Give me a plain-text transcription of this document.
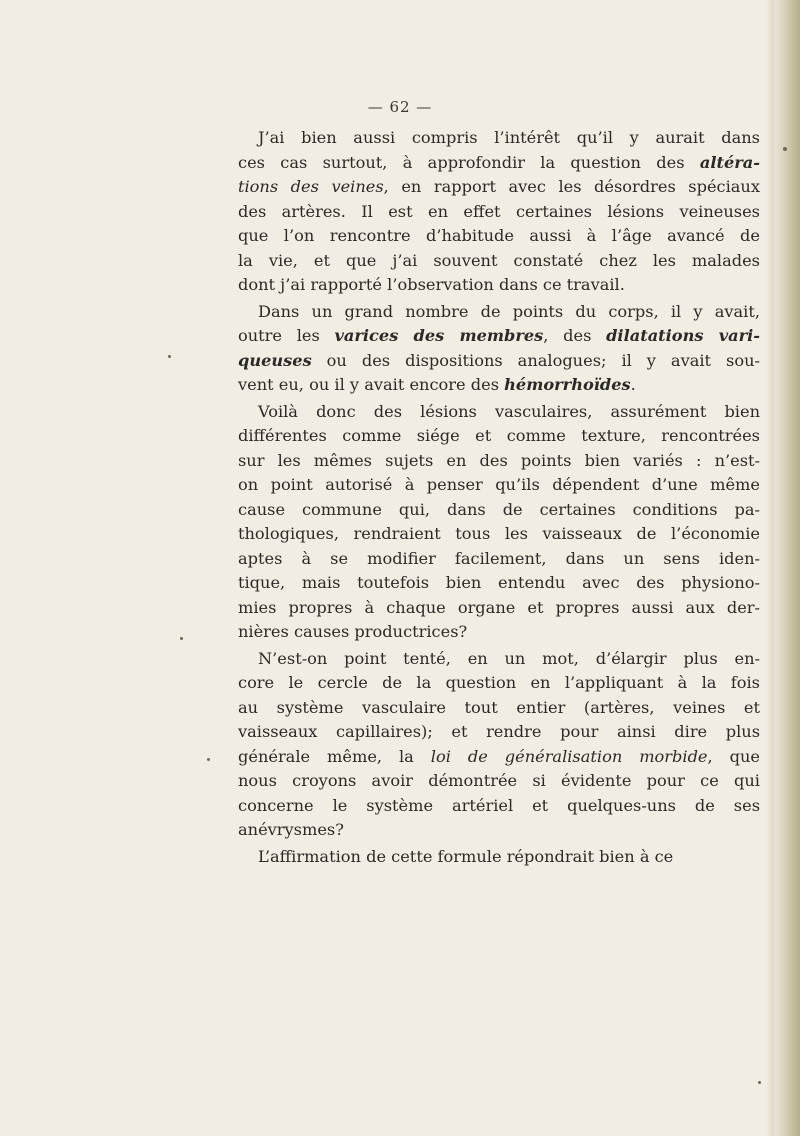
— 62 —
J’ai bien aussi compris l’intérêt qu’il y aurait dans
ces cas surtout, à approfondir la question des altéra-
tions des veines, en rapport avec les désordres spéciaux
des artères. Il est en effet certaines lésions veineuses
que l’on rencontre d’habitude aussi à l’âge avancé de
la vie, et que j’ai souvent constaté chez les malades
dont j’ai rapporté l’observation dans ce travail.
Dans un grand nombre de points du corps, il y avait,
outre les varices des membres, des dilatations vari-
queuses ou des dispositions analogues; il y avait sou-
vent eu, ou il y avait encore des hémorrhoïdes.
Voilà donc des lésions vasculaires, assurément bien
différentes comme siége et comme texture, rencontrées
sur les mêmes sujets en des points bien variés : n’est-
on point autorisé à penser qu’ils dépendent d’une même
cause commune qui, dans de certaines conditions pa-
thologiques, rendraient tous les vaisseaux de l’économie
aptes à se modifier facilement, dans un sens iden-
tique, mais toutefois bien entendu avec des physiono-
mies propres à chaque organe et propres aussi aux der-
nières causes productrices?
N’est-on point tenté, en un mot, d’élargir plus en-
core le cercle de la question en l’appliquant à la fois
au système vasculaire tout entier (artères, veines et
vaisseaux capillaires); et rendre pour ainsi dire plus
générale même, la loi de généralisation morbide, que
nous croyons avoir démontrée si évidente pour ce qui
concerne le système artériel et quelques-uns de ses
anévrysmes?
L’affirmation de cette formule répondrait bien à ce
